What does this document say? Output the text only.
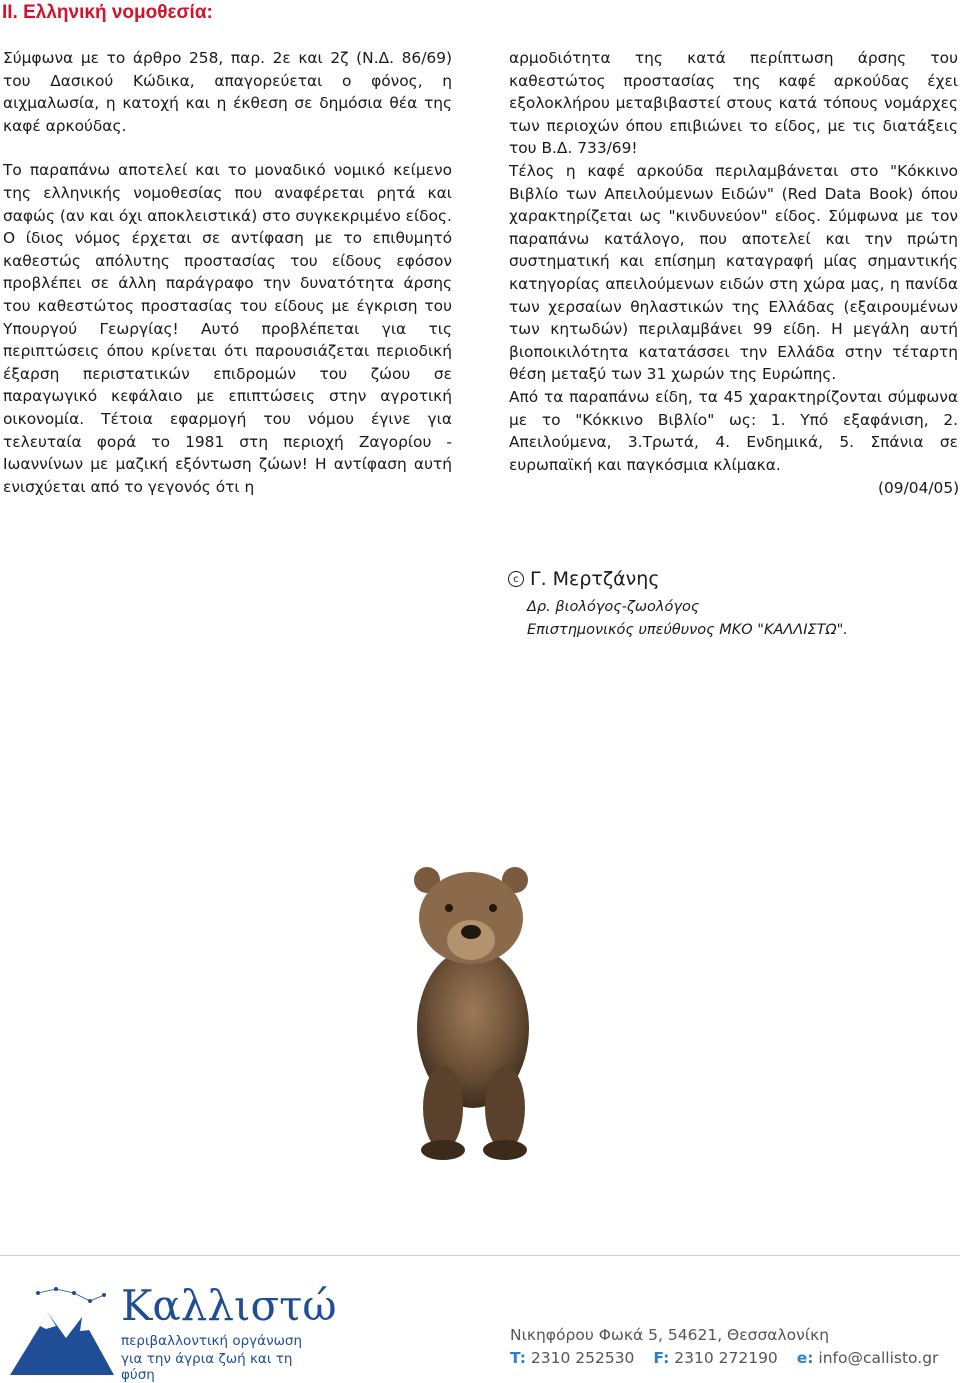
II. Ελληνική νομοθεσία:

Σύμφωνα με το άρθρο 258, παρ. 2ε και 2ζ (Ν.Δ. 86/69) του Δασικού Κώδικα, απαγορεύεται ο φόνος, η αιχμαλωσία, η κατοχή και η έκθεση σε δημόσια θέα της καφέ αρκούδας.

Το παραπάνω αποτελεί και το μοναδικό νομικό κείμενο της ελληνικής νομοθεσίας που αναφέρεται ρητά και σαφώς (αν και όχι αποκλειστικά) στο συγκεκριμένο είδος.

Ο ίδιος νόμος έρχεται σε αντίφαση με το επιθυμητό καθεστώς απόλυτης προστασίας του είδους εφόσον προβλέπει σε άλλη παράγραφο την δυνατότητα άρσης του καθεστώτος προστασίας του είδους με έγκριση του Υπουργού Γεωργίας! Αυτό προβλέπεται για τις περιπτώσεις όπου κρίνεται ότι παρουσιάζεται περιοδική έξαρση περιστατικών επιδρομών του ζώου σε παραγωγικό κεφάλαιο με επιπτώσεις στην αγροτική οικονομία. Τέτοια εφαρμογή του νόμου έγινε για τελευταία φορά το 1981 στη περιοχή Ζαγορίου - Ιωαννίνων με μαζική εξόντωση ζώων! Η αντίφαση αυτή ενισχύεται από το γεγονός ότι η

αρμοδιότητα της κατά περίπτωση άρσης του καθεστώτος προστασίας της καφέ αρκούδας έχει εξολοκλήρου μεταβιβαστεί στους κατά τόπους νομάρχες των περιοχών όπου επιβιώνει το είδος, με τις διατάξεις του Β.Δ. 733/69!

Τέλος η καφέ αρκούδα περιλαμβάνεται στο "Κόκκινο Βιβλίο των Απειλούμενων Ειδών" (Red Data Book) όπου χαρακτηρίζεται ως "κινδυνεύον" είδος. Σύμφωνα με τον παραπάνω κατάλογο, που αποτελεί και την πρώτη συστηματική και επίσημη καταγραφή μίας σημαντικής κατηγορίας απειλούμενων ειδών στη χώρα μας, η πανίδα των χερσαίων θηλαστικών της Ελλάδας (εξαιρουμένων των κητωδών) περιλαμβάνει 99 είδη. Η μεγάλη αυτή βιοποικιλότητα κατατάσσει την Ελλάδα στην τέταρτη θέση μεταξύ των 31 χωρών της Ευρώπης.

Από τα παραπάνω είδη, τα 45 χαρακτηρίζονται σύμφωνα με το "Κόκκινο Βιβλίο" ως: 1. Υπό εξαφάνιση, 2. Απειλούμενα, 3.Τρωτά, 4. Ενδημικά, 5. Σπάνια σε ευρωπαϊκή και παγκόσμια κλίμακα.

(09/04/05)
c Γ. Μερτζάνης
Δρ. βιολόγος-ζωολόγος
Επιστημονικός υπεύθυνος ΜΚΟ "ΚΑΛΛΙΣΤΩ".
Καλλιστώ
περιβαλλοντική οργάνωση
για την άγρια ζωή και τη φύση
Νικηφόρου Φωκά 5, 54621, Θεσσαλονίκη
T: 2310 252530 F: 2310 272190 e: info@callisto.gr
